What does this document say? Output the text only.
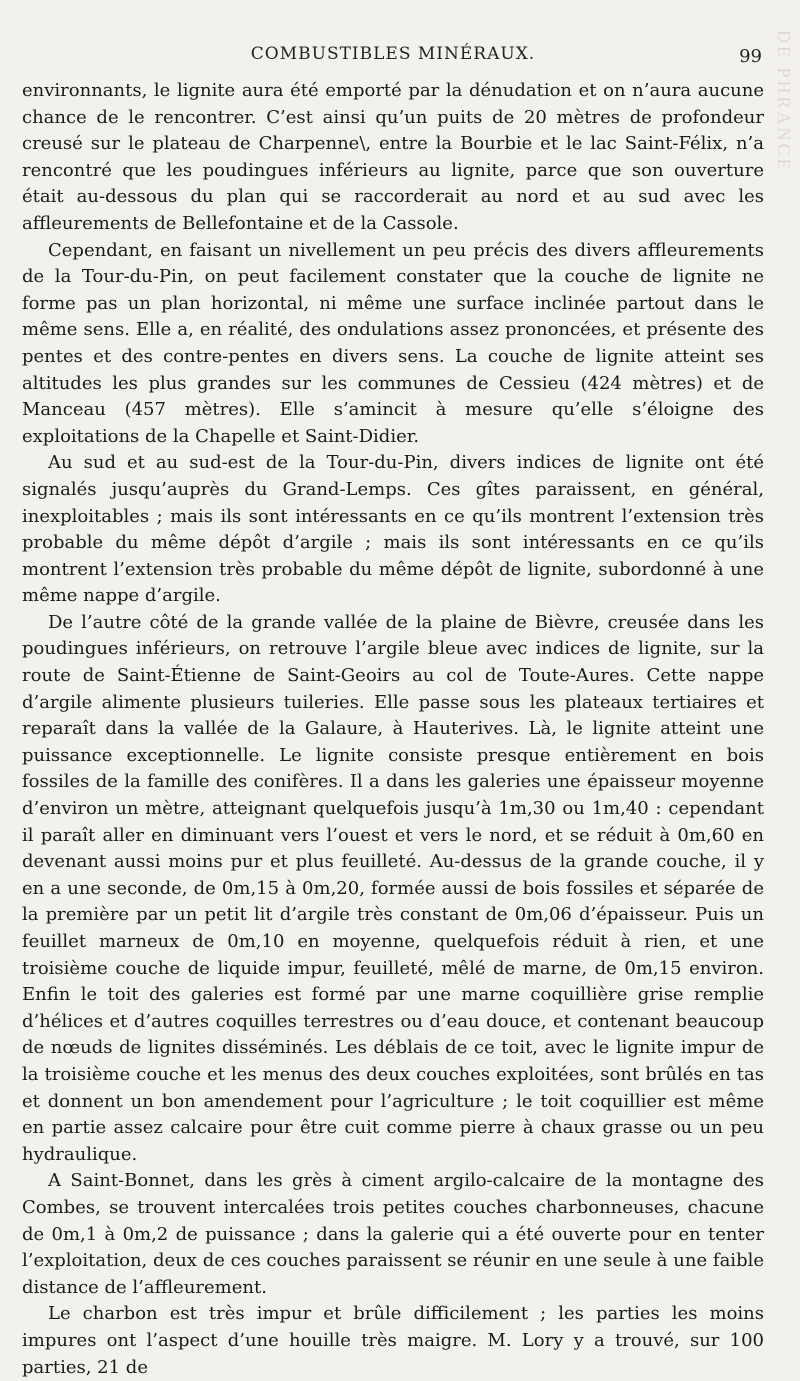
DE PHRANCE
COMBUSTIBLES MINÉRAUX.	99

environnants, le lignite aura été emporté par la dénudation et on n’aura aucune chance de le rencontrer. C’est ainsi qu’un puits de 20 mètres de profondeur creusé sur le plateau de Charpenne\, entre la Bourbie et le lac Saint-Félix, n’a rencontré que les poudingues inférieurs au lignite, parce que son ouverture était au-dessous du plan qui se raccorderait au nord et au sud avec les affleurements de Bellefontaine et de la Cassole.

Cependant, en faisant un nivellement un peu précis des divers affleurements de la Tour-du-Pin, on peut facilement constater que la couche de lignite ne forme pas un plan horizontal, ni même une surface inclinée partout dans le même sens. Elle a, en réalité, des ondulations assez prononcées, et présente des pentes et des contre-pentes en divers sens. La couche de lignite atteint ses altitudes les plus grandes sur les communes de Cessieu (424 mètres) et de Manceau (457 mètres). Elle s’amincit à mesure qu’elle s’éloigne des exploitations de la Chapelle et Saint-Didier.

Au sud et au sud-est de la Tour-du-Pin, divers indices de lignite ont été signalés jusqu’auprès du Grand-Lemps. Ces gîtes paraissent, en général, inexploitables ; mais ils sont intéressants en ce qu’ils montrent l’extension très probable du même dépôt d’argile ; mais ils sont intéressants en ce qu’ils montrent l’extension très probable du même dépôt de lignite, subordonné à une même nappe d’argile.

De l’autre côté de la grande vallée de la plaine de Bièvre, creusée dans les poudingues inférieurs, on retrouve l’argile bleue avec indices de lignite, sur la route de Saint-Étienne de Saint-Geoirs au col de Toute-Aures. Cette nappe d’argile alimente plusieurs tuileries. Elle passe sous les plateaux tertiaires et reparaît dans la vallée de la Galaure, à Hauterives. Là, le lignite atteint une puissance exceptionnelle. Le lignite consiste presque entièrement en bois fossiles de la famille des conifères. Il a dans les galeries une épaisseur moyenne d’environ un mètre, atteignant quelquefois jusqu’à 1m,30 ou 1m,40 : cependant il paraît aller en diminuant vers l’ouest et vers le nord, et se réduit à 0m,60 en devenant aussi moins pur et plus feuilleté. Au-dessus de la grande couche, il y en a une seconde, de 0m,15 à 0m,20, formée aussi de bois fossiles et séparée de la première par un petit lit d’argile très constant de 0m,06 d’épaisseur. Puis un feuillet marneux de 0m,10 en moyenne, quelquefois réduit à rien, et une troisième couche de liquide impur, feuilleté, mêlé de marne, de 0m,15 environ. Enfin le toit des galeries est formé par une marne coquillière grise remplie d’hélices et d’autres coquilles terrestres ou d’eau douce, et contenant beaucoup de nœuds de lignites disséminés. Les déblais de ce toit, avec le lignite impur de la troisième couche et les menus des deux couches exploitées, sont brûlés en tas et donnent un bon amendement pour l’agriculture ; le toit coquillier est même en partie assez calcaire pour être cuit comme pierre à chaux grasse ou un peu hydraulique.

A Saint-Bonnet, dans les grès à ciment argilo-calcaire de la montagne des Combes, se trouvent intercalées trois petites couches charbonneuses, chacune de 0m,1 à 0m,2 de puissance ; dans la galerie qui a été ouverte pour en tenter l’exploitation, deux de ces couches paraissent se réunir en une seule à une faible distance de l’affleurement.

Le charbon est très impur et brûle difficilement ; les parties les moins impures ont l’aspect d’une houille très maigre. M. Lory y a trouvé, sur 100 parties, 21 de
